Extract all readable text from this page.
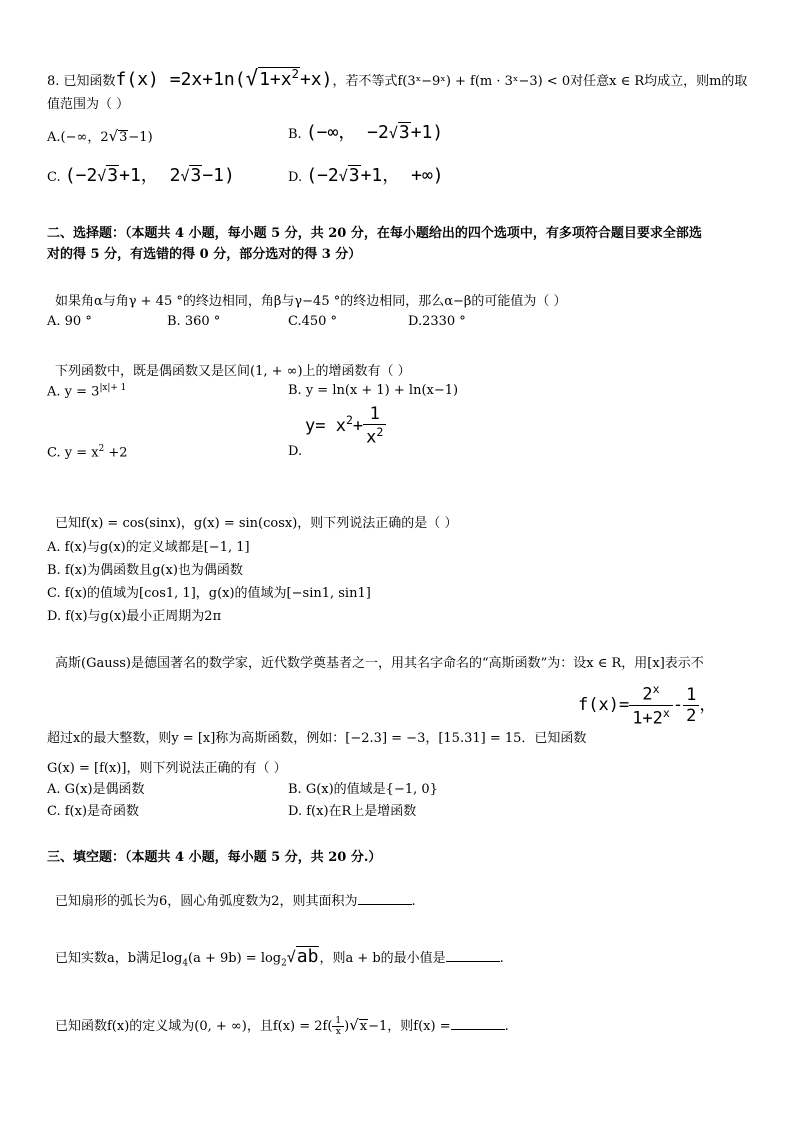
8. 已知函数$f(x) =2x+1n(√1+x^2+x)$，若不等式f(3ˣ−9ˣ) + f(m · 3ˣ−3) < 0对任意x ∈ R均成立，则m的取
值范围为（ ）
A.(−∞，2√3−1)	B. (−∞， −2√3+1)
C. (−2√3+1， 2√3−1)	D. (−2√3+1， +∞)
二、选择题：（本题共 4 小题，每小题 5 分，共 20 分，在每小题给出的四个选项中，有多项符合题目要求全部选
对的得 5 分，有选错的得 0 分，部分选对的得 3 分）
如果角α与角γ + 45 °的终边相同，角β与γ−45 °的终边相同，那么α−β的可能值为（ ）
A. 90 °	B. 360 °	C.450 °	D.2330 °
下列函数中，既是偶函数又是区间(1, + ∞)上的增函数有（ ）
A. $y = 3^{|x|+ 1}$	B. y = ln(x + 1) + ln(x−1)
C. $y = x^2 +2$	D.
$y= x^2+ \frac{1}{x^2}$
已知f(x) = cos(sinx)，g(x) = sin(cosx)，则下列说法正确的是（ ）
A. f(x)与g(x)的定义域都是[−1, 1]
B. f(x)为偶函数且g(x)也为偶函数
C. f(x)的值域为[cos1, 1]，g(x)的值域为[−sin1, sin1]
D. f(x)与g(x)最小正周期为2π
高斯(Gauss)是德国著名的数学家，近代数学奠基者之一，用其名字命名的“高斯函数”为：设x ∈ R，用[x]表示不
$f(x)= \frac{2^x}{1+2^x} - \frac{1}{2}$ ，
超过x的最大整数，则y = [x]称为高斯函数，例如：[−2.3] = −3，[15.31] = 15．已知函数
G(x) = [f(x)]，则下列说法正确的有（ ）
A. G(x)是偶函数	B. G(x)的值域是{−1, 0}
C. f(x)是奇函数	D. f(x)在R上是增函数
三、填空题：（本题共 4 小题，每小题 5 分，共 20 分.）
已知扇形的弧长为6，圆心角弧度数为2，则其面积为	.
已知实数a，b满足$\log_4(a + 9b) = \log_2√ab$，则a + b的最小值是	.
已知函数f(x)的定义域为(0, + ∞)，且$f(x) = 2f( \frac{1}{x} )√x-1$，则f(x) =	.
